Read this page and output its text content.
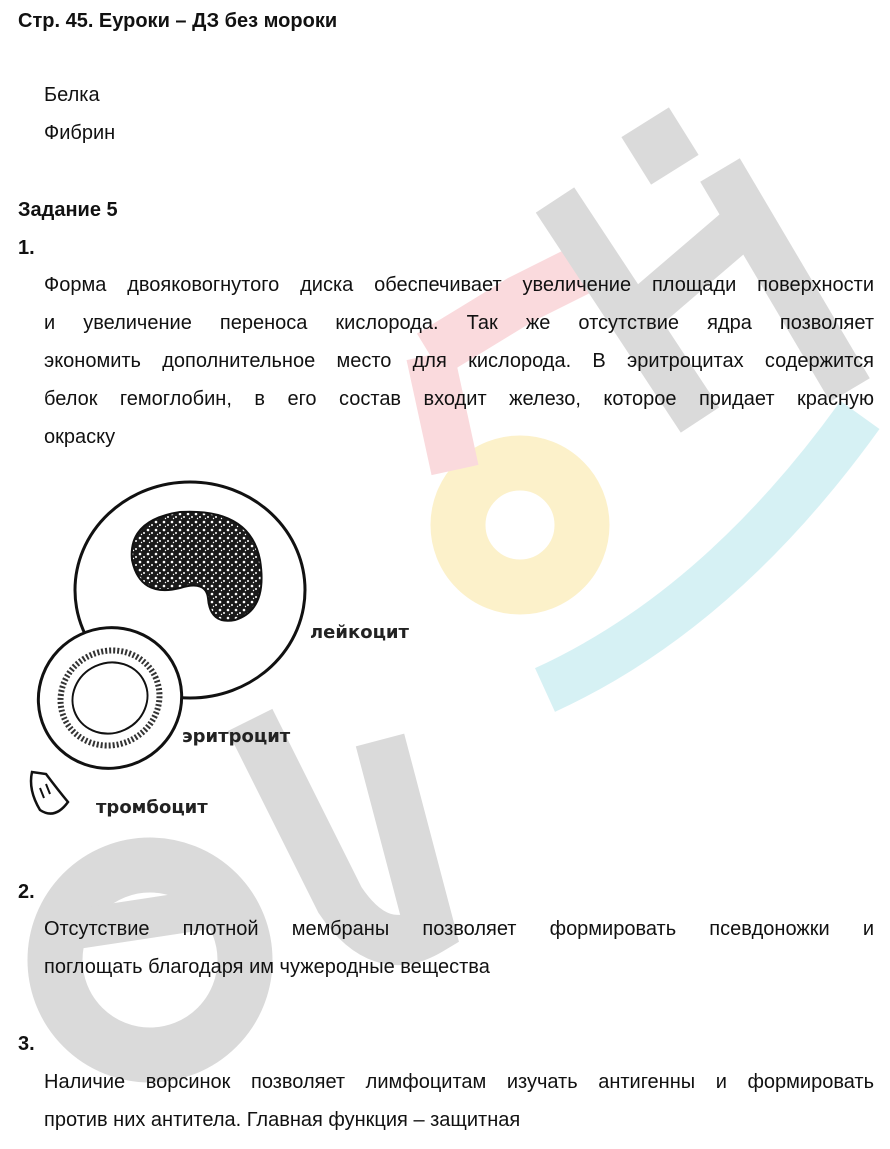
Стр. 45. Еуроки – ДЗ без мороки
Белка
Фибрин
Задание 5
1.
Форма двояковогнутого диска обеспечивает увеличение площади поверхности
и увеличение переноса кислорода. Так же отсутствие ядра позволяет
экономить дополнительное место для кислорода. В эритроцитах содержится
белок гемоглобин, в его состав входит железо, которое придает красную
окраску
лейкоцит
эритроцит
тромбоцит
2.
Отсутствие плотной мембраны позволяет формировать псевдоножки и
поглощать благодаря им чужеродные вещества
3.
Наличие ворсинок позволяет лимфоцитам изучать антигенны и формировать
против них антитела. Главная функция – защитная
